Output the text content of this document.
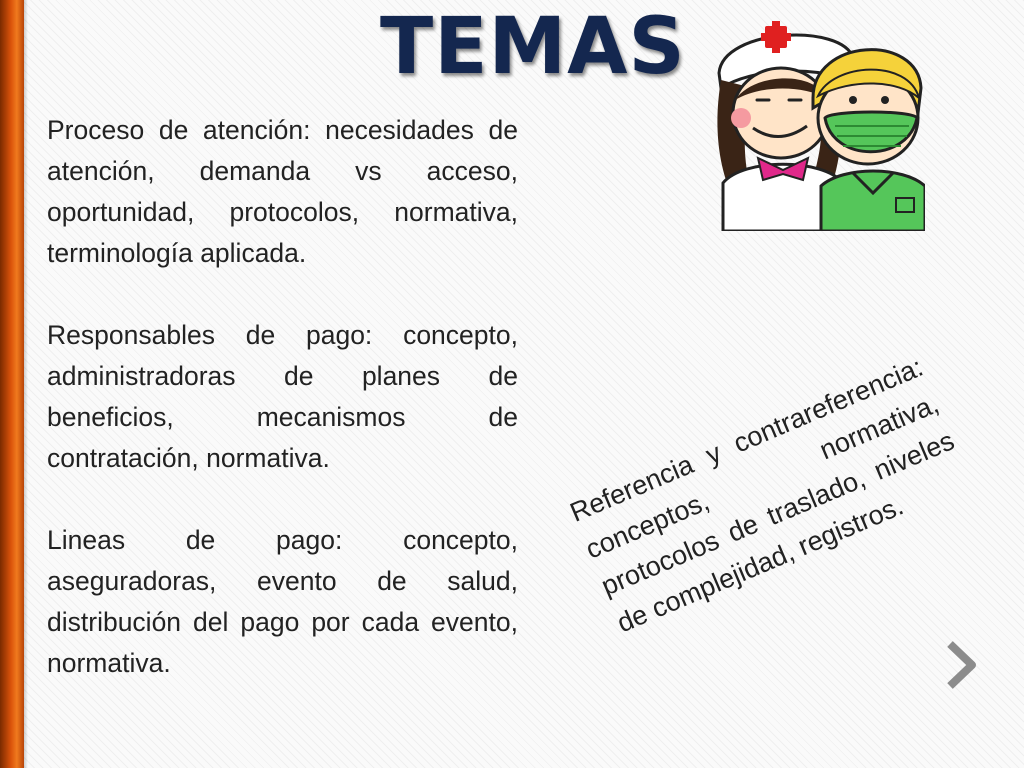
TEMAS

Proceso de atención: necesidades de atención, demanda vs acceso, oportunidad, protocolos, normativa, terminología aplicada.

Responsables de pago: concepto, administradoras de planes de beneficios, mecanismos de contratación, normativa.

Lineas de pago: concepto, aseguradoras, evento de salud, distribución del pago por cada evento, normativa.

Referencia y contrareferencia: conceptos, normativa, protocolos de traslado, niveles de complejidad, registros.
